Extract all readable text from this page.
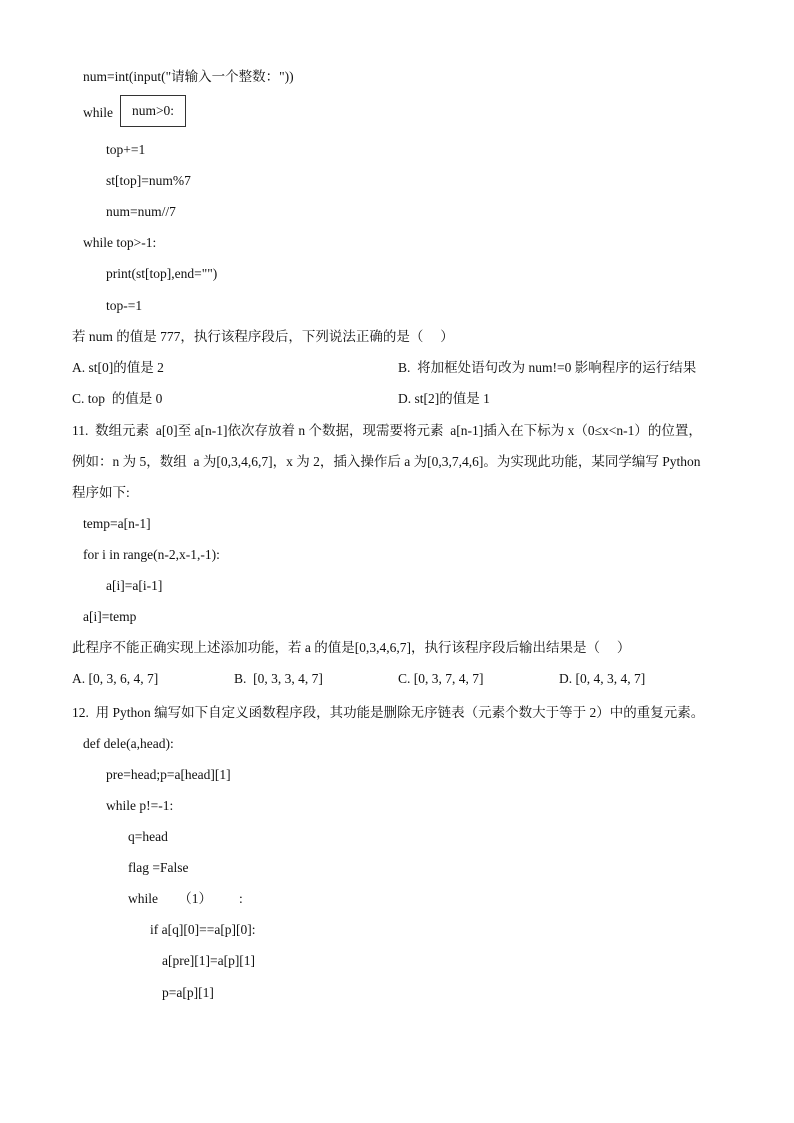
num=int(input("请输入一个整数："))
while	num>0:
top+=1
st[top]=num%7
num=num//7
while top>-1:
print(st[top],end="")
top-=1
若 num 的值是 777，执行该程序段后，下列说法正确的是（     ）
A. st[0]的值是 2	B.  将加框处语句改为 num!=0 影响程序的运行结果
C. top  的值是 0	D. st[2]的值是 1
11.  数组元素  a[0]至 a[n-1]依次存放着 n 个数据，现需要将元素  a[n-1]插入在下标为 x（0≤x<n-1）的位置，
例如：n 为 5，数组  a 为[0,3,4,6,7]，x 为 2，插入操作后 a 为[0,3,7,4,6]。为实现此功能，某同学编写 Python
程序如下:
temp=a[n-1]
for i in range(n-2,x-1,-1):
a[i]=a[i-1]
a[i]=temp
此程序不能正确实现上述添加功能，若 a 的值是[0,3,4,6,7]，执行该程序段后输出结果是（     ）
A. [0, 3, 6, 4, 7]	B.  [0, 3, 3, 4, 7]	C. [0, 3, 7, 4, 7]	D. [0, 4, 3, 4, 7]
12.  用 Python 编写如下自定义函数程序段，其功能是删除无序链表（元素个数大于等于 2）中的重复元素。
def dele(a,head):
pre=head;p=a[head][1]
while p!=-1:
q=head
flag =False
while      （1）        :
if a[q][0]==a[p][0]:
a[pre][1]=a[p][1]
p=a[p][1]
